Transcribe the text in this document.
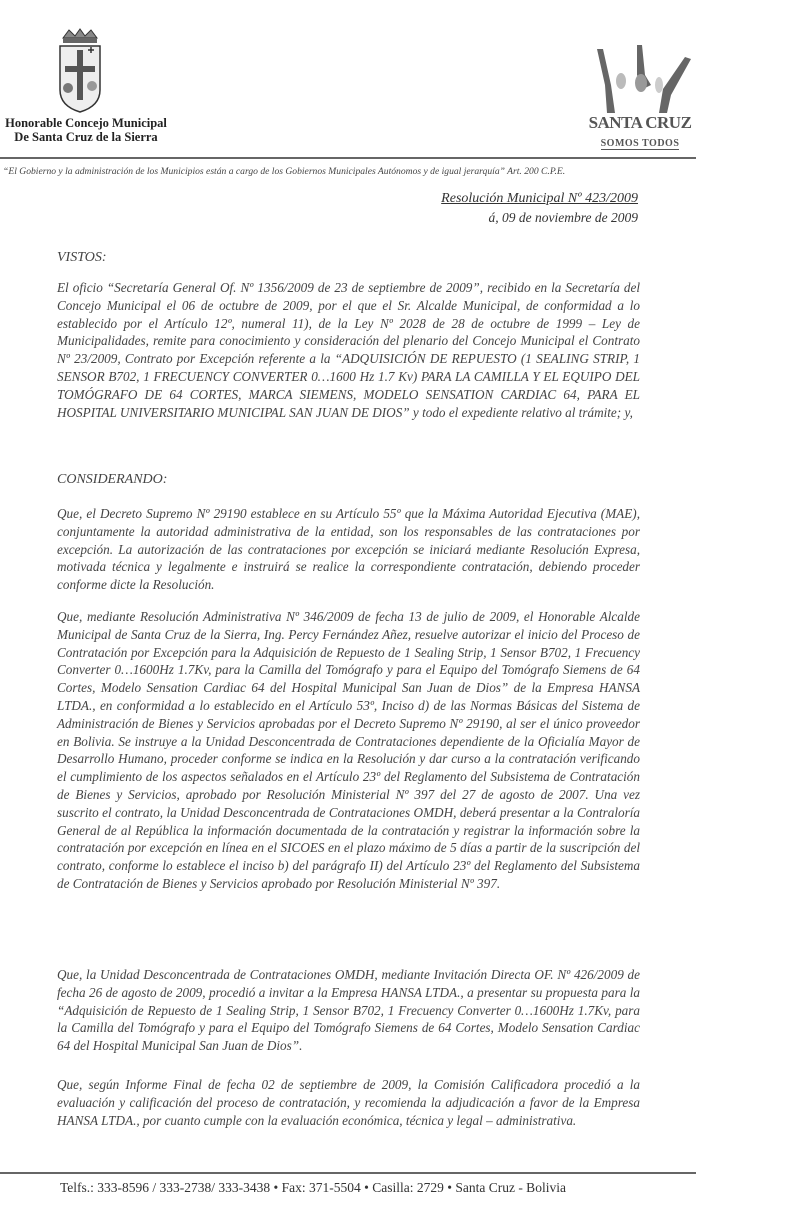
Honorable Concejo Municipal
De Santa Cruz de la Sierra
SANTA CRUZ
SOMOS TODOS
“El Gobierno y la administración de los Municipios están a cargo de los Gobiernos Municipales Autónomos y de igual jerarquía” Art. 200 C.P.E.
Resolución Municipal Nº 423/2009
á, 09 de noviembre de 2009
VISTOS:
El oficio “Secretaría General Of. Nº 1356/2009 de 23 de septiembre de 2009”, recibido en la Secretaría del Concejo Municipal el 06 de octubre de 2009, por el que el Sr. Alcalde Municipal, de conformidad a lo establecido por el Artículo 12º, numeral 11), de la Ley Nº 2028 de 28 de octubre de 1999 – Ley de Municipalidades, remite para conocimiento y consideración del plenario del Concejo Municipal el Contrato Nº 23/2009, Contrato por Excepción referente a la “ADQUISICIÓN DE REPUESTO (1 SEALING STRIP, 1 SENSOR B702, 1 FRECUENCY CONVERTER 0…1600 Hz 1.7 Kv) PARA LA CAMILLA Y EL EQUIPO DEL TOMÓGRAFO DE 64 CORTES, MARCA SIEMENS, MODELO SENSATION CARDIAC 64, PARA EL HOSPITAL UNIVERSITARIO MUNICIPAL SAN JUAN DE DIOS” y todo el expediente relativo al trámite; y,
CONSIDERANDO:
Que, el Decreto Supremo Nº 29190 establece en su Artículo 55º que la Máxima Autoridad Ejecutiva (MAE), conjuntamente la autoridad administrativa de la entidad, son los responsables de las contrataciones por excepción. La autorización de las contrataciones por excepción se iniciará mediante Resolución Expresa, motivada técnica y legalmente e instruirá se realice la correspondiente contratación, debiendo proceder conforme dicte la Resolución.
Que, mediante Resolución Administrativa Nº 346/2009 de fecha 13 de julio de 2009, el Honorable Alcalde Municipal de Santa Cruz de la Sierra, Ing. Percy Fernández Añez, resuelve autorizar el inicio del Proceso de Contratación por Excepción para la Adquisición de Repuesto de 1 Sealing Strip, 1 Sensor B702, 1 Frecuency Converter 0…1600Hz 1.7Kv, para la Camilla del Tomógrafo y para el Equipo del Tomógrafo Siemens de 64 Cortes, Modelo Sensation Cardiac 64 del Hospital Municipal San Juan de Dios” de la Empresa HANSA LTDA., en conformidad a lo establecido en el Artículo 53º, Inciso d) de las Normas Básicas del Sistema de Administración de Bienes y Servicios aprobadas por el Decreto Supremo Nº 29190, al ser el único proveedor en Bolivia. Se instruye a la Unidad Desconcentrada de Contrataciones dependiente de la Oficialía Mayor de Desarrollo Humano, proceder conforme se indica en la Resolución y dar curso a la contratación verificando el cumplimiento de los aspectos señalados en el Artículo 23º del Reglamento del Subsistema de Contratación de Bienes y Servicios, aprobado por Resolución Ministerial Nº 397 del 27 de agosto de 2007. Una vez suscrito el contrato, la Unidad Desconcentrada de Contrataciones OMDH, deberá presentar a la Contraloría General de al República la información documentada de la contratación y registrar la información sobre la contratación por excepción en línea en el SICOES en el plazo máximo de 5 días a partir de la suscripción del contrato, conforme lo establece el inciso b) del parágrafo II) del Artículo 23º del Reglamento del Subsistema de Contratación de Bienes y Servicios aprobado por Resolución Ministerial Nº 397.
Que, la Unidad Desconcentrada de Contrataciones OMDH, mediante Invitación Directa OF. Nº 426/2009 de fecha 26 de agosto de 2009, procedió a invitar a la Empresa HANSA LTDA., a presentar su propuesta para la “Adquisición de Repuesto de 1 Sealing Strip, 1 Sensor B702, 1 Frecuency Converter 0…1600Hz 1.7Kv, para la Camilla del Tomógrafo y para el Equipo del Tomógrafo Siemens de 64 Cortes, Modelo Sensation Cardiac 64 del Hospital Municipal San Juan de Dios”.
Que, según Informe Final de fecha 02 de septiembre de 2009, la Comisión Calificadora procedió a la evaluación y calificación del proceso de contratación, y recomienda la adjudicación a favor de la Empresa HANSA LTDA., por cuanto cumple con la evaluación económica, técnica y legal – administrativa.
Telfs.: 333-8596 / 333-2738/ 333-3438 • Fax: 371-5504 • Casilla: 2729 • Santa Cruz - Bolivia
